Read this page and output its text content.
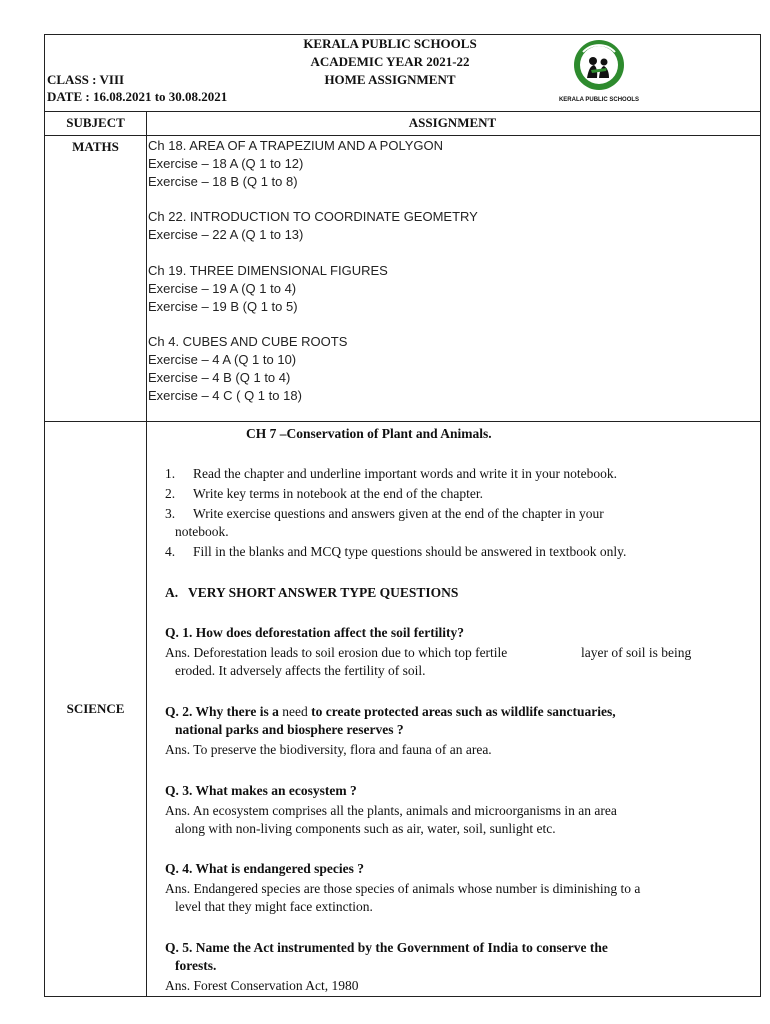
KERALA PUBLIC SCHOOLS
ACADEMIC YEAR 2021-22
HOME ASSIGNMENT
CLASS : VIII
DATE : 16.08.2021 to 30.08.2021	KERALA PUBLIC SCHOOLS
SUBJECT	ASSIGNMENT
MATHS	Ch 18. AREA OF A TRAPEZIUM AND A POLYGON
Exercise – 18 A (Q 1 to 12)
Exercise – 18 B (Q 1 to 8)
Ch 22. INTRODUCTION TO COORDINATE GEOMETRY
Exercise – 22 A (Q 1 to 13)
Ch 19. THREE DIMENSIONAL FIGURES
Exercise – 19 A (Q 1 to 4)
Exercise – 19 B (Q 1 to 5)
Ch 4. CUBES AND CUBE ROOTS
Exercise – 4 A (Q 1 to 10)
Exercise – 4 B (Q 1 to 4)
Exercise – 4 C ( Q 1 to 18)
SCIENCE
CH 7 –Conservation of Plant and Animals.
1. Read the chapter and underline important words and write it in your notebook.
2. Write key terms in notebook at the end of the chapter.
3. Write exercise questions and answers given at the end of the chapter in your
notebook.
4. Fill in the blanks and MCQ type questions should be answered in textbook only.
A.   VERY SHORT ANSWER TYPE QUESTIONS
Q. 1. How does deforestation affect the soil fertility?
Ans. Deforestation leads to soil erosion due to which top fertile	layer of soil is being
eroded. It adversely affects the fertility of soil.
Q. 2. Why there is a need to create protected areas such as wildlife sanctuaries,
national parks and biosphere reserves ?
Ans. To preserve the biodiversity, flora and fauna of an area.
Q. 3. What makes an ecosystem ?
Ans. An ecosystem comprises all the plants, animals and microorganisms in an area
along with non-living components such as air, water, soil, sunlight etc.
Q. 4. What is endangered species ?
Ans. Endangered species are those species of animals whose number is diminishing to a
level that they might face extinction.
Q. 5. Name the Act instrumented by the Government of India to conserve the
forests.
Ans. Forest Conservation Act, 1980
